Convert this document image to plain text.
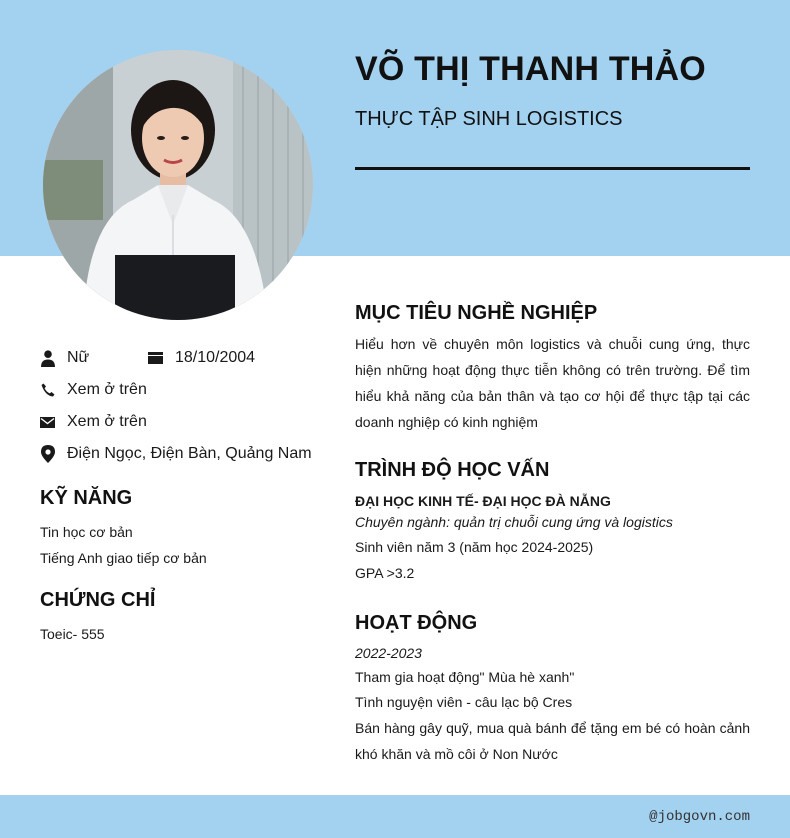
VÕ THỊ THANH THẢO
THỰC TẬP SINH LOGISTICS
Nữ	18/10/2004
Xem ở trên
Xem ở trên
Điện Ngọc, Điện Bàn, Quảng Nam
KỸ NĂNG
Tin học cơ bản
Tiếng Anh giao tiếp cơ bản
CHỨNG CHỈ
Toeic- 555
MỤC TIÊU NGHỀ NGHIỆP
Hiểu hơn về chuyên môn logistics và chuỗi cung ứng, thực hiện những hoạt động thực tiễn không có trên trường. Để tìm hiểu khả năng của bản thân và tạo cơ hội để thực tập tại các doanh nghiệp có kinh nghiệm
TRÌNH ĐỘ HỌC VẤN
ĐẠI HỌC KINH TẾ- ĐẠI HỌC ĐÀ NẴNG
Chuyên ngành: quản trị chuỗi cung ứng và logistics
Sinh viên năm 3 (năm học 2024-2025)
GPA >3.2
HOẠT ĐỘNG
2022-2023
Tham gia hoạt động" Mùa hè xanh"
Tình nguyện viên - câu lạc bộ Cres
Bán hàng gây quỹ, mua quà bánh để tặng em bé có hoàn cảnh khó khăn và mồ côi ở Non Nước
@jobgovn.com
